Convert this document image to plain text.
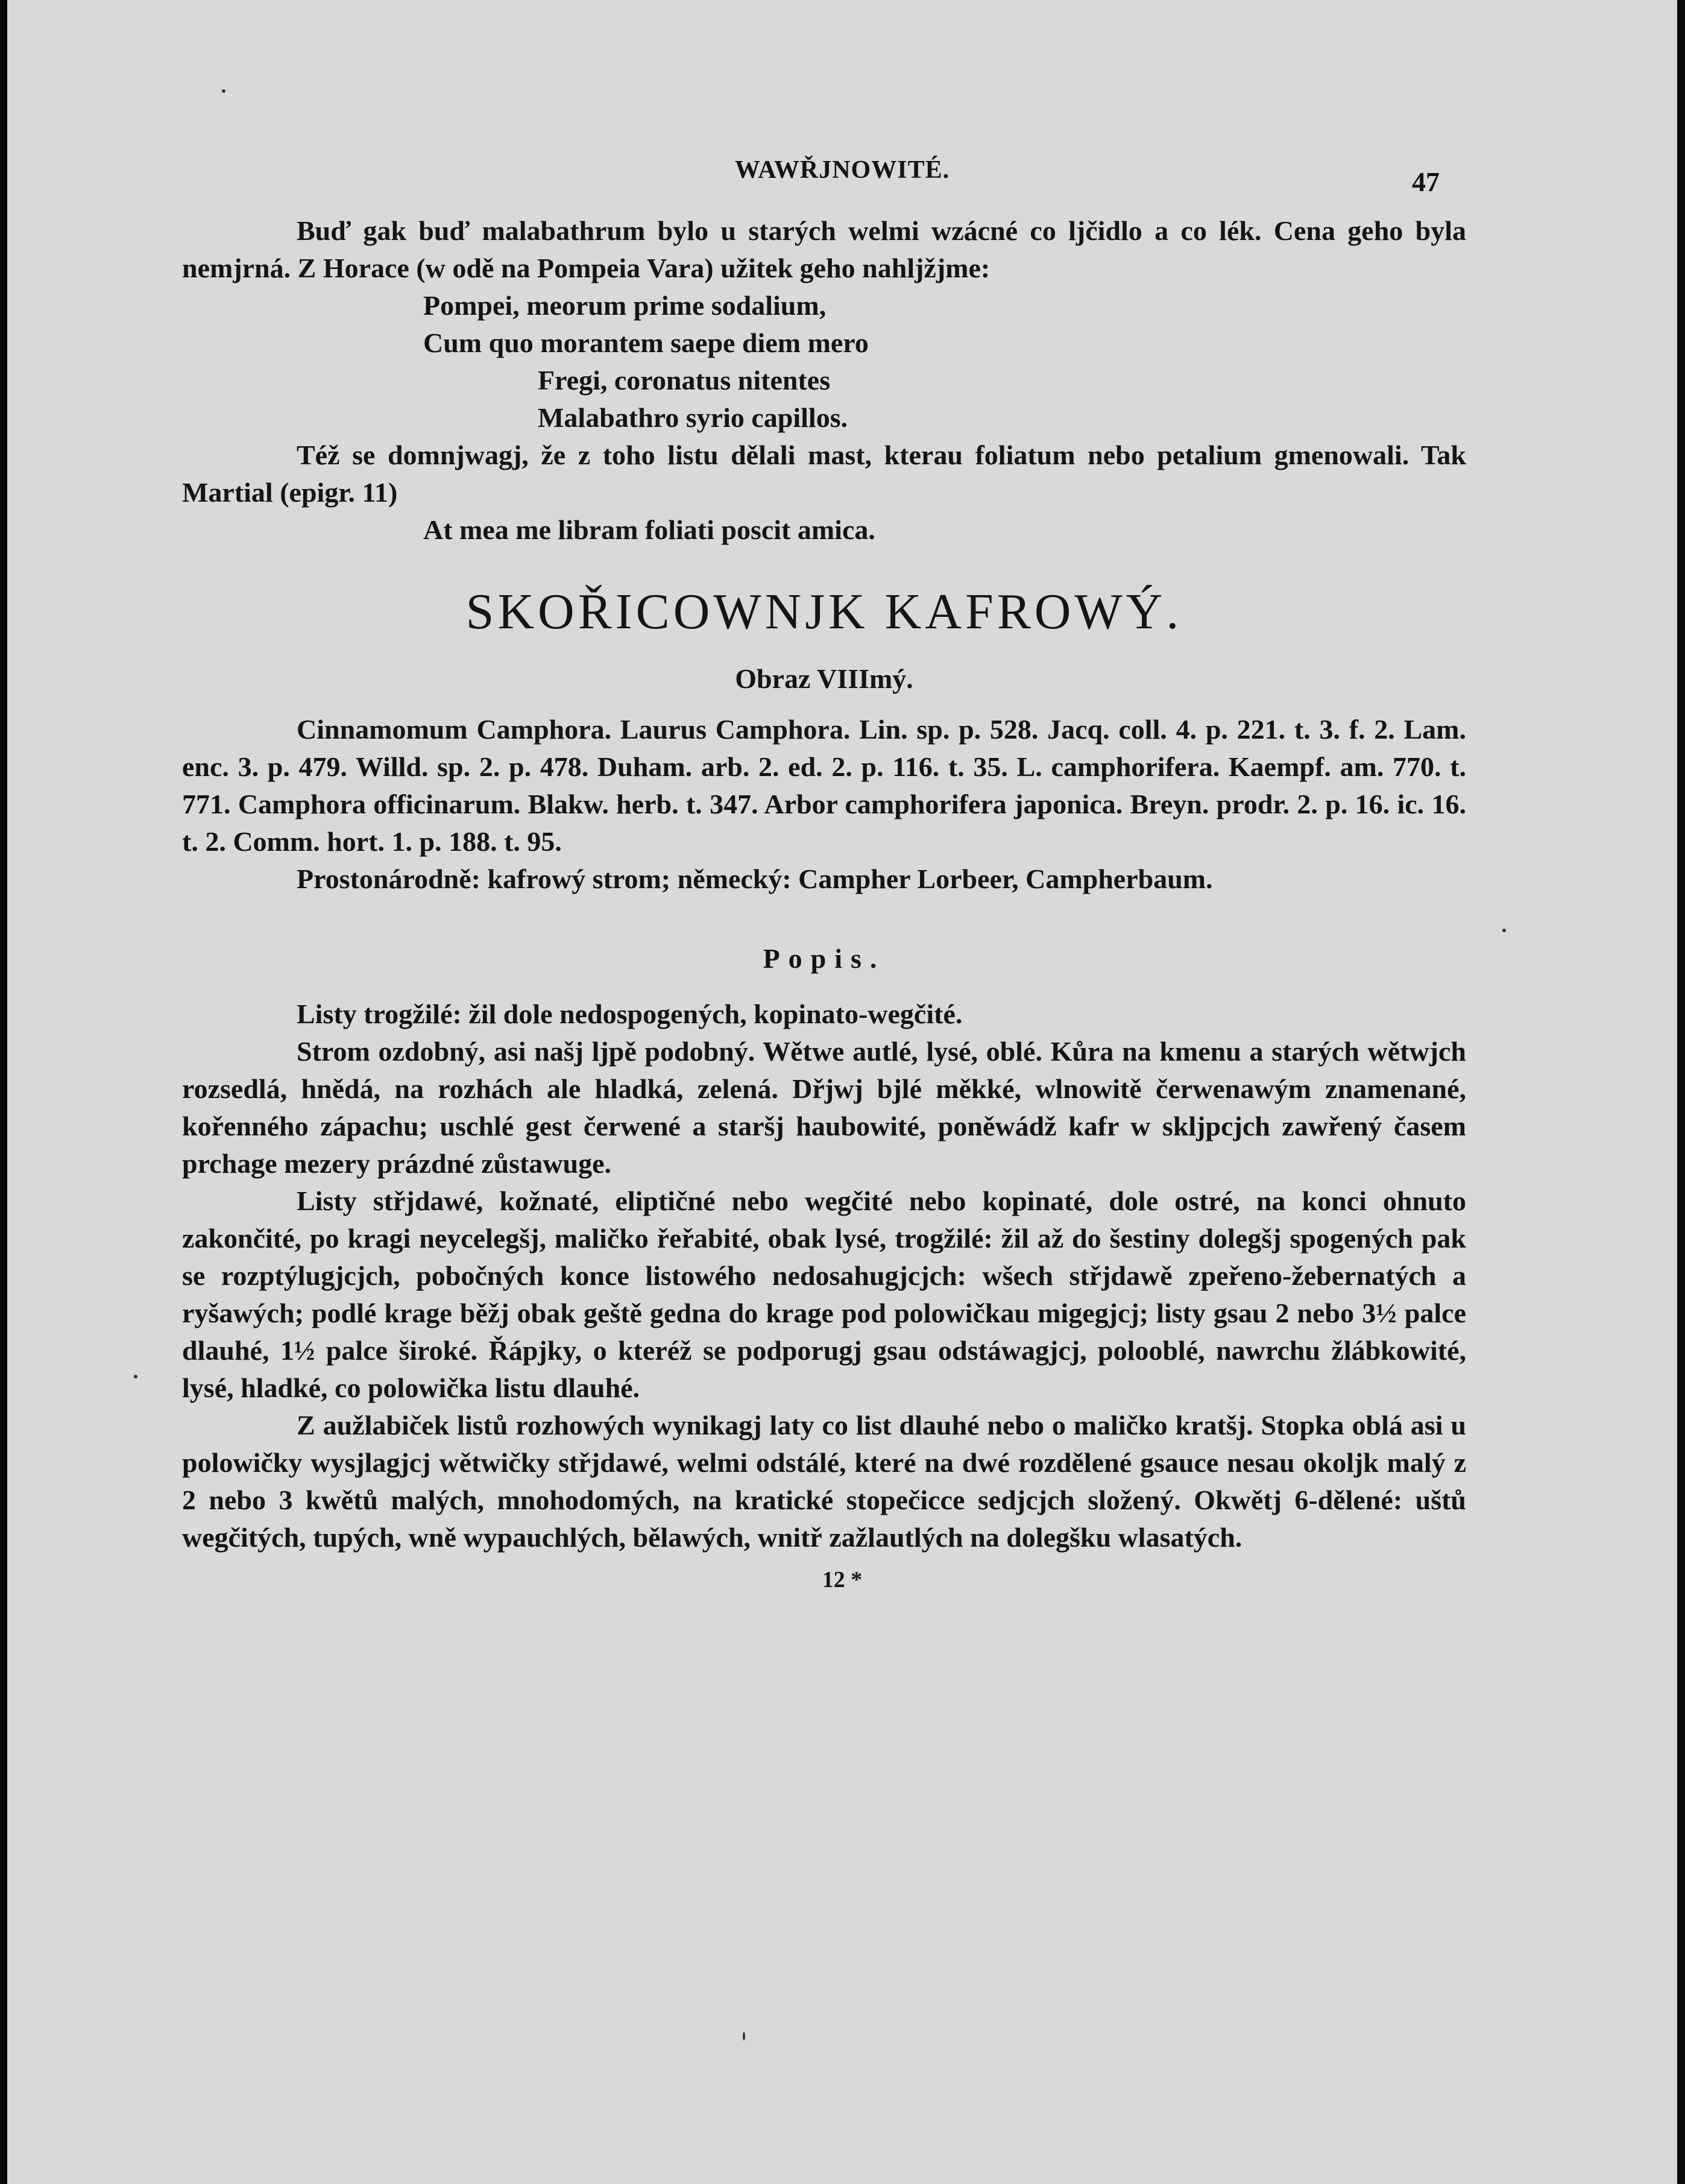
WAWŘJNOWITÉ.	47

Buď gak buď malabathrum bylo u starých welmi wzácné co ljčidlo a co lék. Cena geho byla nemjrná. Z Horace (w odě na Pompeia Vara) užitek geho nahljžjme:

Pompei, meorum prime sodalium,
Cum quo morantem saepe diem mero
Fregi, coronatus nitentes
Malabathro syrio capillos.

Též se domnjwagj, že z toho listu dělali mast, kterau foliatum nebo petalium gmenowali. Tak Martial (epigr. 11)

At mea me libram foliati poscit amica.
SKOŘICOWNJK KAFROWÝ.
Obraz VIIImý.

Cinnamomum Camphora. Laurus Camphora. Lin. sp. p. 528. Jacq. coll. 4. p. 221. t. 3. f. 2. Lam. enc. 3. p. 479. Willd. sp. 2. p. 478. Duham. arb. 2. ed. 2. p. 116. t. 35. L. camphorifera. Kaempf. am. 770. t. 771. Camphora officinarum. Blakw. herb. t. 347. Arbor camphorifera japonica. Breyn. prodr. 2. p. 16. ic. 16. t. 2. Comm. hort. 1. p. 188. t. 95.

Prostonárodně: kafrowý strom; německý: Campher Lorbeer, Campherbaum.

Popis.

Listy trogžilé: žil dole nedospogených, kopinato-wegčité.

Strom ozdobný, asi našj ljpě podobný. Wětwe autlé, lysé, oblé. Kůra na kmenu a starých wětwjch rozsedlá, hnědá, na rozhách ale hladká, zelená. Dřjwj bjlé měkké, wlnowitě čerwenawým znamenané, kořenného zápachu; uschlé gest čerwené a staršj haubowité, poněwádž kafr w skljpcjch zawřený časem prchage mezery prázdné zůstawuge.

Listy střjdawé, kožnaté, eliptičné nebo wegčité nebo kopinaté, dole ostré, na konci ohnuto zakončité, po kragi neycelegšj, maličko řeřabité, obak lysé, trogžilé: žil až do šestiny dolegšj spogených pak se rozptýlugjcjch, pobočných konce listowého nedosahugjcjch: wšech střjdawě zpeřeno-žebernatých a ryšawých; podlé krage běžj obak geště gedna do krage pod polowičkau migegjcj; listy gsau 2 nebo 3½ palce dlauhé, 1½ palce široké. Řápjky, o kteréž se podporugj gsau odstáwagjcj, polooblé, nawrchu žlábkowité, lysé, hladké, co polowička listu dlauhé.

Z aužlabiček listů rozhowých wynikagj laty co list dlauhé nebo o maličko kratšj. Stopka oblá asi u polowičky wysjlagjcj wětwičky střjdawé, welmi odstálé, které na dwé rozdělené gsauce nesau okoljk malý z 2 nebo 3 kwětů malých, mnohodomých, na kratické stopečicce sedjcjch složený. Okwětj 6-dělené: uštů wegčitých, tupých, wně wypauchlých, bělawých, wnitř zažlautlých na dolegšku wlasatých.

12 *
